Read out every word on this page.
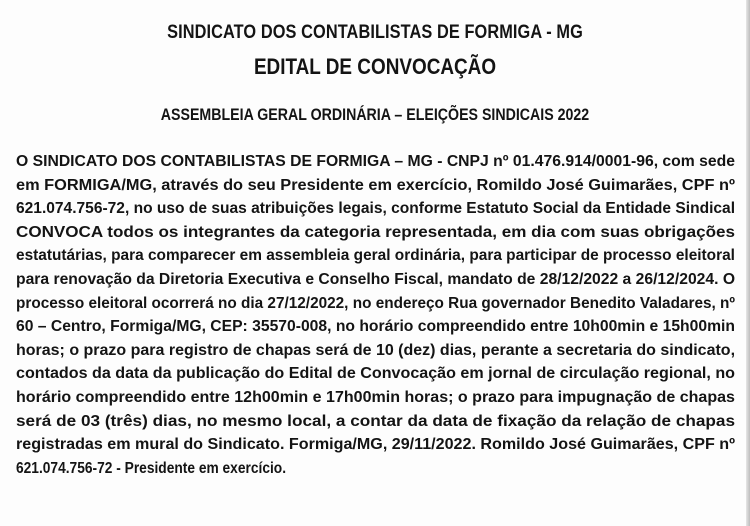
SINDICATO DOS CONTABILISTAS DE FORMIGA - MG
EDITAL DE CONVOCAÇÃO
ASSEMBLEIA GERAL ORDINÁRIA – ELEIÇÕES SINDICAIS 2022
O SINDICATO DOS CONTABILISTAS DE FORMIGA – MG - CNPJ nº 01.476.914/0001-96, com sede
em FORMIGA/MG, através do seu Presidente em exercício, Romildo José Guimarães, CPF nº
621.074.756-72, no uso de suas atribuições legais, conforme Estatuto Social da Entidade Sindical
CONVOCA todos os integrantes da categoria representada, em dia com suas obrigações
estatutárias, para comparecer em assembleia geral ordinária, para participar de processo eleitoral
para renovação da Diretoria Executiva e Conselho Fiscal, mandato de 28/12/2022 a 26/12/2024. O
processo eleitoral ocorrerá no dia 27/12/2022, no endereço Rua governador Benedito Valadares, nº
60 – Centro, Formiga/MG, CEP: 35570-008, no horário compreendido entre 10h00min e 15h00min
horas; o prazo para registro de chapas será de 10 (dez) dias, perante a secretaria do sindicato,
contados da data da publicação do Edital de Convocação em jornal de circulação regional, no
horário compreendido entre 12h00min e 17h00min horas; o prazo para impugnação de chapas
será de 03 (três) dias, no mesmo local, a contar da data de fixação da relação de chapas
registradas em mural do Sindicato. Formiga/MG, 29/11/2022. Romildo José Guimarães, CPF nº
621.074.756-72 - Presidente em exercício.
